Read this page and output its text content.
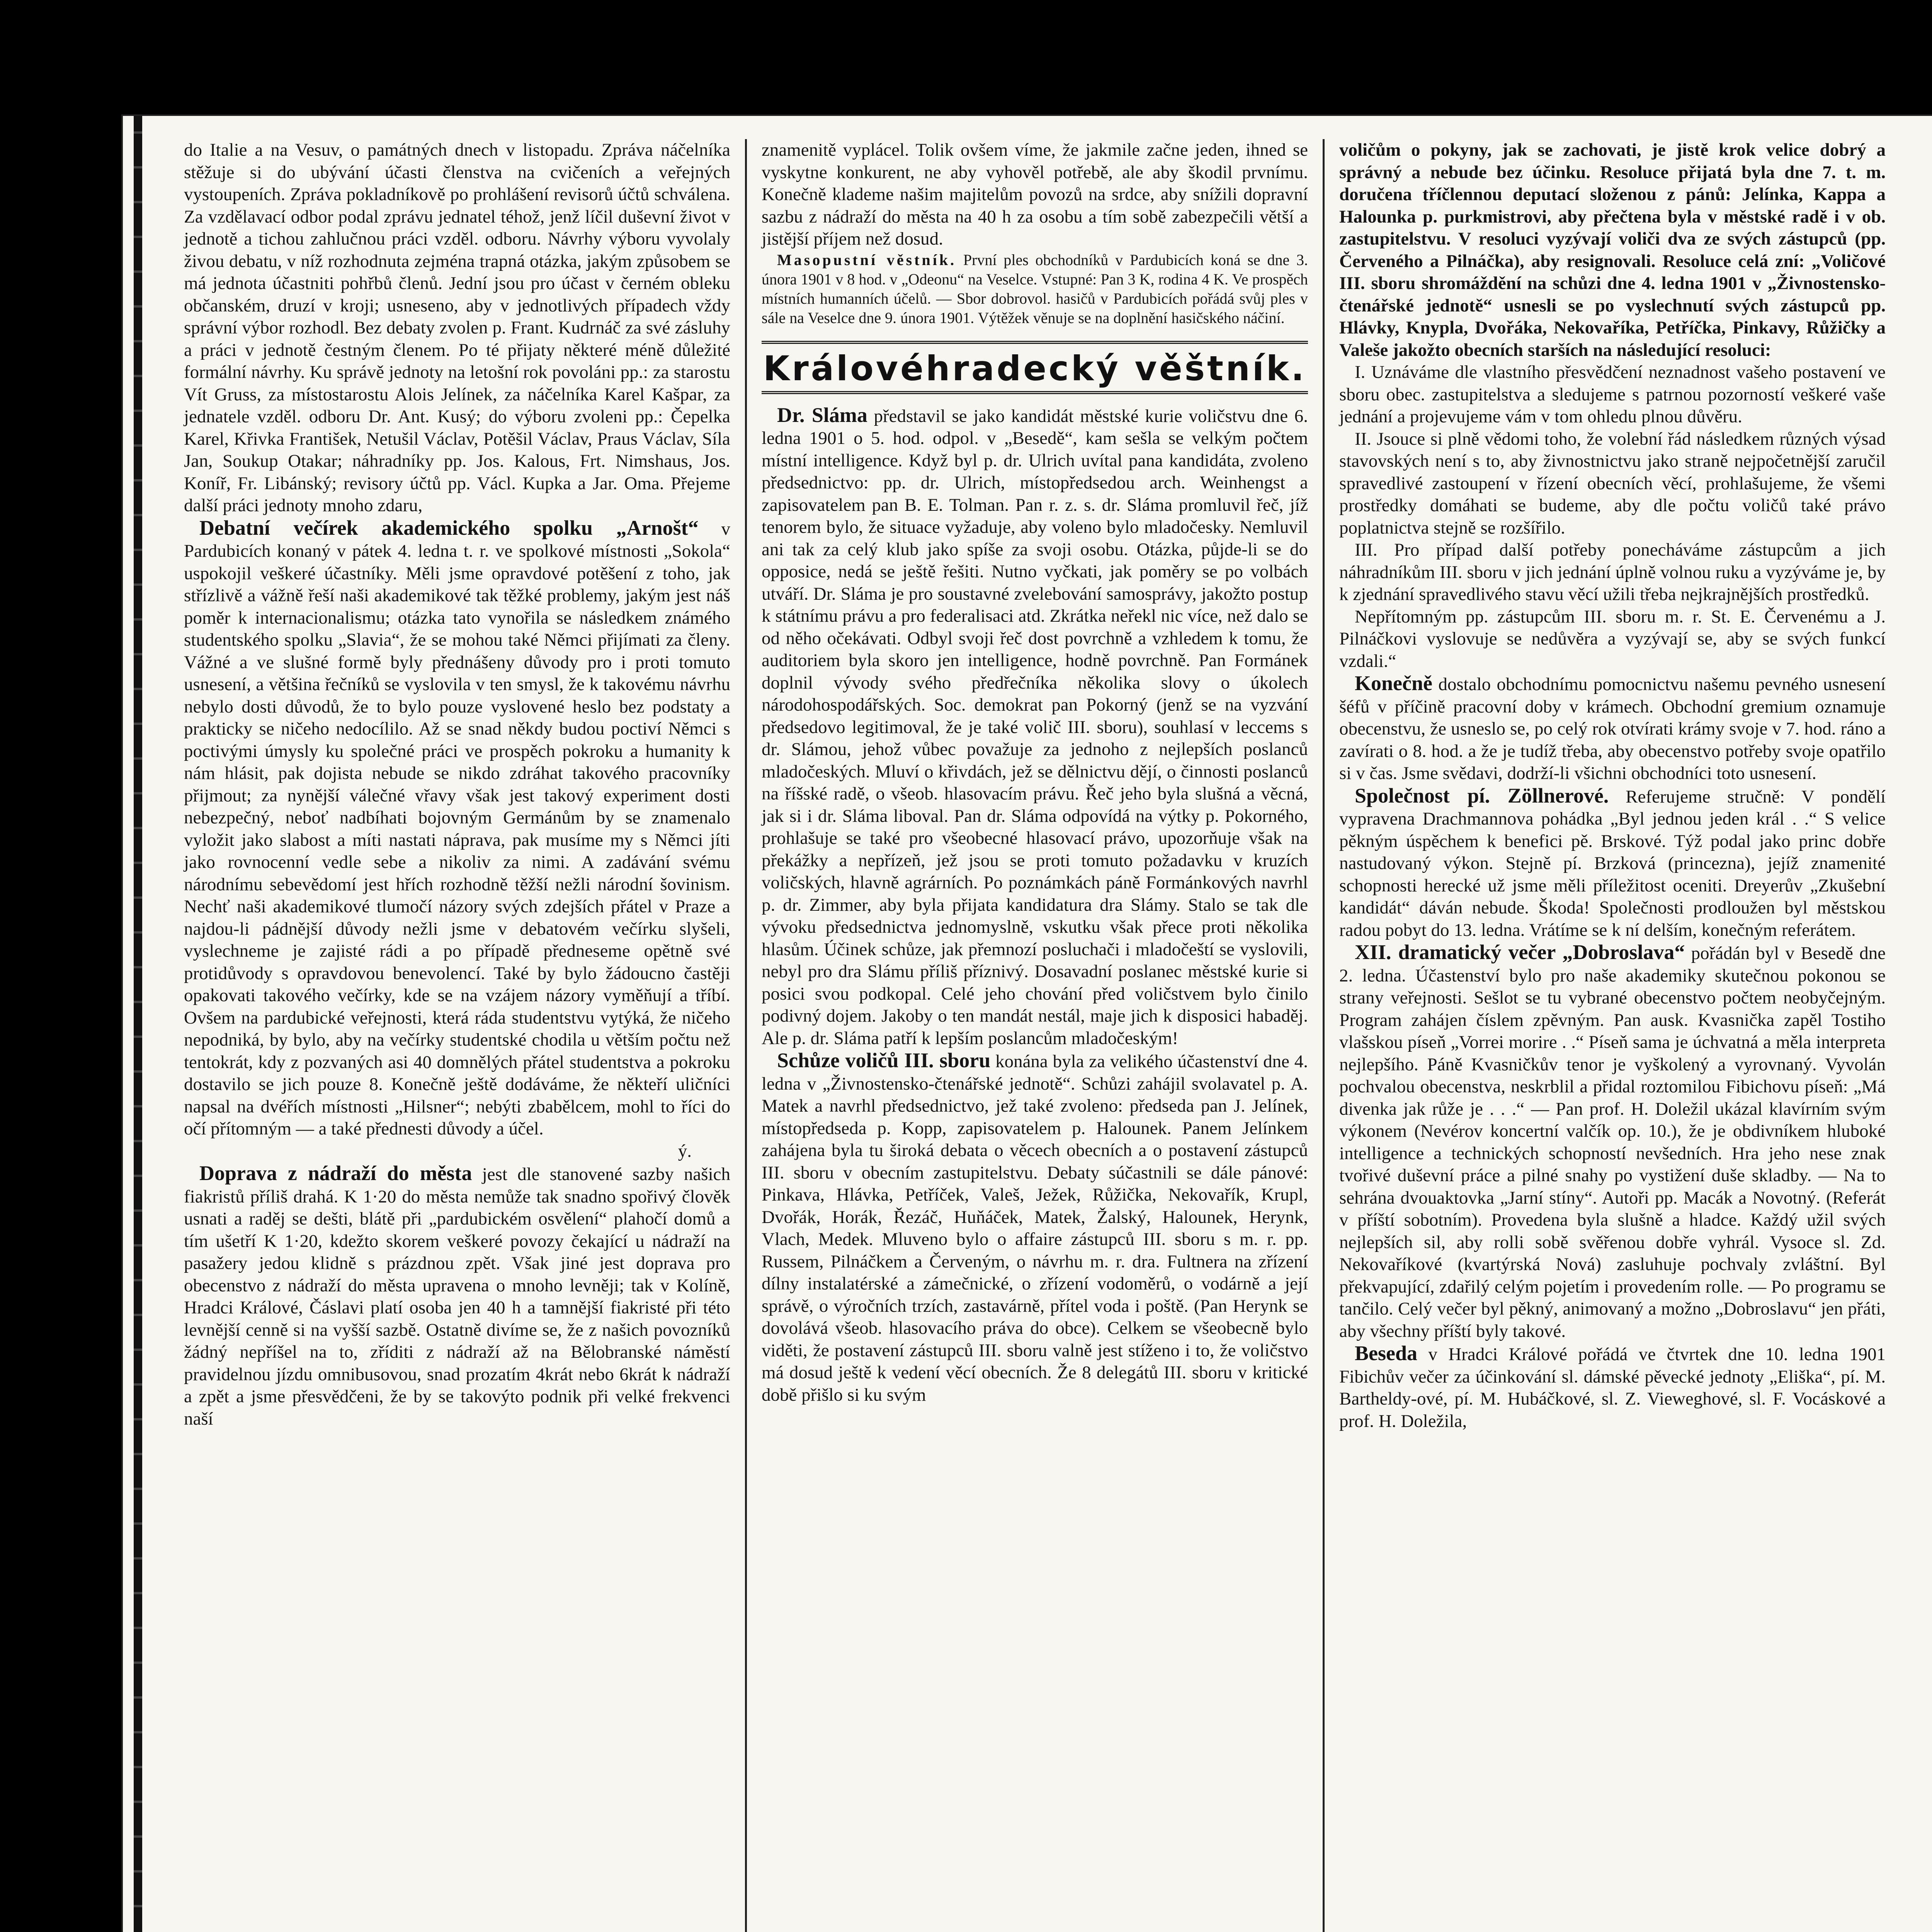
do Italie a na Vesuv, o památných dnech v listopadu. Zpráva náčelníka stěžuje si do ubývání účasti členstva na cvičeních a veřejných vystoupeních. Zpráva pokladníkově po prohlášení revisorů účtů schválena. Za vzdělavací odbor podal zprávu jednatel téhož, jenž líčil duševní život v jednotě a tichou zahlučnou práci vzděl. odboru. Návrhy výboru vyvolaly živou debatu, v níž rozhodnuta zejména trapná otázka, jakým způsobem se má jednota účastniti pohřbů členů. Jední jsou pro účast v černém obleku občanském, druzí v kroji; usneseno, aby v jednotlivých případech vždy správní výbor rozhodl. Bez debaty zvolen p. Frant. Kudrnáč za své zásluhy a práci v jednotě čestným členem. Po té přijaty některé méně důležité formální návrhy. Ku správě jednoty na letošní rok povoláni pp.: za starostu Vít Gruss, za místostarostu Alois Jelínek, za náčelníka Karel Kašpar, za jednatele vzděl. odboru Dr. Ant. Kusý; do výboru zvoleni pp.: Čepelka Karel, Křivka František, Netušil Václav, Potěšil Václav, Praus Václav, Síla Jan, Soukup Otakar; náhradníky pp. Jos. Kalous, Frt. Nimshaus, Jos. Koníř, Fr. Libánský; revisory účtů pp. Václ. Kupka a Jar. Oma. Přejeme další práci jednoty mnoho zdaru,

Debatní večírek akademického spolku „Arnošt“ v Pardubicích konaný v pátek 4. ledna t. r. ve spolkové místnosti „Sokola“ uspokojil veškeré účastníky. Měli jsme opravdové potěšení z toho, jak střízlivě a vážně řeší naši akademikové tak těžké problemy, jakým jest náš poměr k internacionalismu; otázka tato vynořila se následkem známého studentského spolku „Slavia“, že se mohou také Němci přijímati za členy. Vážné a ve slušné formě byly přednášeny důvody pro i proti tomuto usnesení, a většina řečníků se vyslovila v ten smysl, že k takovému návrhu nebylo dosti důvodů, že to bylo pouze vyslovené heslo bez podstaty a prakticky se ničeho nedocílilo. Až se snad někdy budou poctiví Němci s poctivými úmysly ku společné práci ve prospěch pokroku a humanity k nám hlásit, pak dojista nebude se nikdo zdráhat takového pracovníky přijmout; za nynější válečné vřavy však jest takový experiment dosti nebezpečný, neboť nadbíhati bojovným Germánům by se znamenalo vyložit jako slabost a míti nastati náprava, pak musíme my s Němci jíti jako rovnocenní vedle sebe a nikoliv za nimi. A zadávání svému národnímu sebevědomí jest hřích rozhodně těžší nežli národní šovinism. Nechť naši akademikové tlumočí názory svých zdejších přátel v Praze a najdou-li pádnější důvody nežli jsme v debatovém večírku slyšeli, vyslechneme je zajisté rádi a po případě předneseme opětně své protidůvody s opravdovou benevolencí. Také by bylo žádoucno častěji opakovati takového večírky, kde se na vzájem názory vyměňují a tříbí. Ovšem na pardubické veřejnosti, která ráda studentstvu vytýká, že ničeho nepodniká, by bylo, aby na večírky studentské chodila u větším počtu než tentokrát, kdy z pozvaných asi 40 domnělých přátel studentstva a pokroku dostavilo se jich pouze 8. Konečně ještě dodáváme, že někteří uličníci napsal na dvéřích místnosti „Hilsner“; nebýti zbabělcem, mohl to říci do očí přítomným — a také přednesti důvody a účel.

ý.

Doprava z nádraží do města jest dle stanovené sazby našich fiakristů příliš drahá. K 1·20 do města nemůže tak snadno spořivý člověk usnati a raděj se dešti, blátě při „pardubickém osvělení“ plahočí domů a tím ušetří K 1·20, kdežto skorem veškeré povozy čekající u nádraží na pasažery jedou klidně s prázdnou zpět. Však jiné jest doprava pro obecenstvo z nádraží do města upravena o mnoho levněji; tak v Kolíně, Hradci Králové, Čáslavi platí osoba jen 40 h a tamnější fiakristé při této levnější cenně si na vyšší sazbě. Ostatně divíme se, že z našich povozníků žádný nepříšel na to, zříditi z nádraží až na Bělobranské náměstí pravidelnou jízdu omnibusovou, snad prozatím 4krát nebo 6krát k nádraží a zpět a jsme přesvědčeni, že by se takovýto podnik při velké frekvenci naší

znamenitě vyplácel. Tolik ovšem víme, že jakmile začne jeden, ihned se vyskytne konkurent, ne aby vyhověl potřebě, ale aby škodil prvnímu. Konečně klademe našim majitelům povozů na srdce, aby snížili dopravní sazbu z nádraží do města na 40 h za osobu a tím sobě zabezpečili větší a jistější příjem než dosud.

Masopustní věstník. První ples obchodníků v Pardubicích koná se dne 3. února 1901 v 8 hod. v „Odeonu“ na Veselce. Vstupné: Pan 3 K, rodina 4 K. Ve prospěch místních humanních účelů. — Sbor dobrovol. hasičů v Pardubicích pořádá svůj ples v sále na Veselce dne 9. února 1901. Výtěžek věnuje se na doplnění hasičského náčiní.

Královéhradecký věštník.

Dr. Sláma představil se jako kandidát městské kurie voličstvu dne 6. ledna 1901 o 5. hod. odpol. v „Besedě“, kam sešla se velkým počtem místní intelligence. Když byl p. dr. Ulrich uvítal pana kandidáta, zvoleno předsednictvo: pp. dr. Ulrich, místopředsedou arch. Weinhengst a zapisovatelem pan B. E. Tolman. Pan r. z. s. dr. Sláma promluvil řeč, jíž tenorem bylo, že situace vyžaduje, aby voleno bylo mladočesky. Nemluvil ani tak za celý klub jako spíše za svoji osobu. Otázka, půjde-li se do opposice, nedá se ještě řešiti. Nutno vyčkati, jak poměry se po volbách utváří. Dr. Sláma je pro soustavné zvelebování samosprávy, jakožto postup k státnímu právu a pro federalisaci atd. Zkrátka neřekl nic více, než dalo se od něho očekávati. Odbyl svoji řeč dost povrchně a vzhledem k tomu, že auditoriem byla skoro jen intelligence, hodně povrchně. Pan Formánek doplnil vývody svého předřečníka několika slovy o úkolech národohospodářských. Soc. demokrat pan Pokorný (jenž se na vyzvání předsedovo legitimoval, že je také volič III. sboru), souhlasí v leccems s dr. Slámou, jehož vůbec považuje za jednoho z nejlepších poslanců mladočeských. Mluví o křivdách, jež se dělnictvu dějí, o činnosti poslanců na říšské radě, o všeob. hlasovacím právu. Řeč jeho byla slušná a věcná, jak si i dr. Sláma liboval. Pan dr. Sláma odpovídá na výtky p. Pokorného, prohlašuje se také pro všeobecné hlasovací právo, upozorňuje však na překážky a nepřízeň, jež jsou se proti tomuto požadavku v kruzích voličských, hlavně agrárních. Po poznámkách páně Formánkových navrhl p. dr. Zimmer, aby byla přijata kandidatura dra Slámy. Stalo se tak dle vývoku předsednictva jednomyslně, vskutku však přece proti několika hlasům. Účinek schůze, jak přemnozí posluchači i mladočeští se vyslovili, nebyl pro dra Slámu příliš příznivý. Dosavadní poslanec městské kurie si posici svou podkopal. Celé jeho chování před voličstvem bylo činilo podivný dojem. Jakoby o ten mandát nestál, maje jich k disposici habaděj. Ale p. dr. Sláma patří k lepším poslancům mladočeským!

Schůze voličů III. sboru konána byla za velikého účastenství dne 4. ledna v „Živnostensko-čtenářské jednotě“. Schůzi zahájil svolavatel p. A. Matek a navrhl předsednictvo, jež také zvoleno: předseda pan J. Jelínek, místopředseda p. Kopp, zapisovatelem p. Halounek. Panem Jelínkem zahájena byla tu široká debata o věcech obecních a o postavení zástupců III. sboru v obecním zastupitelstvu. Debaty súčastnili se dále pánové: Pinkava, Hlávka, Petříček, Valeš, Ježek, Růžička, Nekovařík, Krupl, Dvořák, Horák, Řezáč, Huňáček, Matek, Žalský, Halounek, Herynk, Vlach, Medek. Mluveno bylo o affaire zástupců III. sboru s m. r. pp. Russem, Pilnáčkem a Červeným, o návrhu m. r. dra. Fultnera na zřízení dílny instalatérské a zámečnické, o zřízení vodoměrů, o vodárně a její správě, o výročních trzích, zastavárně, přítel voda i poště. (Pan Herynk se dovolává všeob. hlasovacího práva do obce). Celkem se všeobecně bylo viděti, že postavení zástupců III. sboru valně jest stíženo i to, že voličstvo má dosud ještě k vedení věcí obecních. Že 8 delegátů III. sboru v kritické době přišlo si ku svým

voličům o pokyny, jak se zachovati, je jistě krok velice dobrý a správný a nebude bez účinku. Resoluce přijatá byla dne 7. t. m. doručena tříčlennou deputací složenou z pánů: Jelínka, Kappa a Halounka p. purkmistrovi, aby přečtena byla v městské radě i v ob. zastupitelstvu. V resoluci vyzývají voliči dva ze svých zástupců (pp. Červeného a Pilnáčka), aby resignovali. Resoluce celá zní: „Voličové III. sboru shromáždění na schůzi dne 4. ledna 1901 v „Živnostensko-čtenářské jednotě“ usnesli se po vyslechnutí svých zástupců pp. Hlávky, Knypla, Dvořáka, Nekovaříka, Petříčka, Pinkavy, Růžičky a Valeše jakožto obecních starších na následující resoluci:

I. Uznáváme dle vlastního přesvědčení neznadnost vašeho postavení ve sboru obec. zastupitelstva a sledujeme s patrnou pozorností veškeré vaše jednání a projevujeme vám v tom ohledu plnou důvěru.

II. Jsouce si plně vědomi toho, že volební řád následkem různých výsad stavovských není s to, aby živnostnictvu jako straně nejpočetnější zaručil spravedlivé zastoupení v řízení obecních věcí, prohlašujeme, že všemi prostředky domáhati se budeme, aby dle počtu voličů také právo poplatnictva stejně se rozšířilo.

III. Pro případ další potřeby ponecháváme zástupcům a jich náhradníkům III. sboru v jich jednání úplně volnou ruku a vyzýváme je, by k zjednání spravedlivého stavu věcí užili třeba nejkrajnějších prostředků.

Nepřítomným pp. zástupcům III. sboru m. r. St. E. Červenému a J. Pilnáčkovi vyslovuje se nedůvěra a vyzývají se, aby se svých funkcí vzdali.“

Konečně dostalo obchodnímu pomocnictvu našemu pevného usnesení šéfů v příčině pracovní doby v krámech. Obchodní gremium oznamuje obecenstvu, že usneslo se, po celý rok otvírati krámy svoje v 7. hod. ráno a zavírati o 8. hod. a že je tudíž třeba, aby obecenstvo potřeby svoje opatřilo si v čas. Jsme svědavi, dodrží-li všichni obchodníci toto usnesení.

Společnost pí. Zöllnerové. Referujeme stručně: V pondělí vypravena Drachmannova pohádka „Byl jednou jeden král . .“ S velice pěkným úspěchem k benefici pě. Brskové. Týž podal jako princ dobře nastudovaný výkon. Stejně pí. Brzková (princezna), jejíž znamenité schopnosti herecké už jsme měli příležitost oceniti. Dreyerův „Zkušební kandidát“ dáván nebude. Škoda! Společnosti prodloužen byl městskou radou pobyt do 13. ledna. Vrátíme se k ní delším, konečným referátem.

XII. dramatický večer „Dobroslava“ pořádán byl v Besedě dne 2. ledna. Účastenství bylo pro naše akademiky skutečnou pokonou se strany veřejnosti. Sešlot se tu vybrané obecenstvo počtem neobyčejným. Program zahájen číslem zpěvným. Pan ausk. Kvasnička zapěl Tostiho vlašskou píseň „Vorrei morire . .“ Píseň sama je úchvatná a měla interpreta nejlepšího. Páně Kvasničkův tenor je vyškolený a vyrovnaný. Vyvolán pochvalou obecenstva, neskrblil a přidal roztomilou Fibichovu píseň: „Má divenka jak růže je . . .“ — Pan prof. H. Doležil ukázal klavírním svým výkonem (Nevérov koncertní valčík op. 10.), že je obdivníkem hluboké intelligence a technických schopností nevšedních. Hra jeho nese znak tvořivé duševní práce a pilné snahy po vystižení duše skladby. — Na to sehrána dvouaktovka „Jarní stíny“. Autoři pp. Macák a Novotný. (Referát v příští sobotním). Provedena byla slušně a hladce. Každý užil svých nejlepších sil, aby rolli sobě svěřenou dobře vyhrál. Vysoce sl. Zd. Nekovaříkové (kvartýrská Nová) zasluhuje pochvaly zvláštní. Byl překvapující, zdařilý celým pojetím i provedením rolle. — Po programu se tančilo. Celý večer byl pěkný, animovaný a možno „Dobroslavu“ jen přáti, aby všechny příští byly takové.

Beseda v Hradci Králové pořádá ve čtvrtek dne 10. ledna 1901 Fibichův večer za účinkování sl. dámské pěvecké jednoty „Eliška“, pí. M. Bartheldy-ové, pí. M. Hubáčkové, sl. Z. Vieweghové, sl. F. Vocáskové a prof. H. Doležila,
